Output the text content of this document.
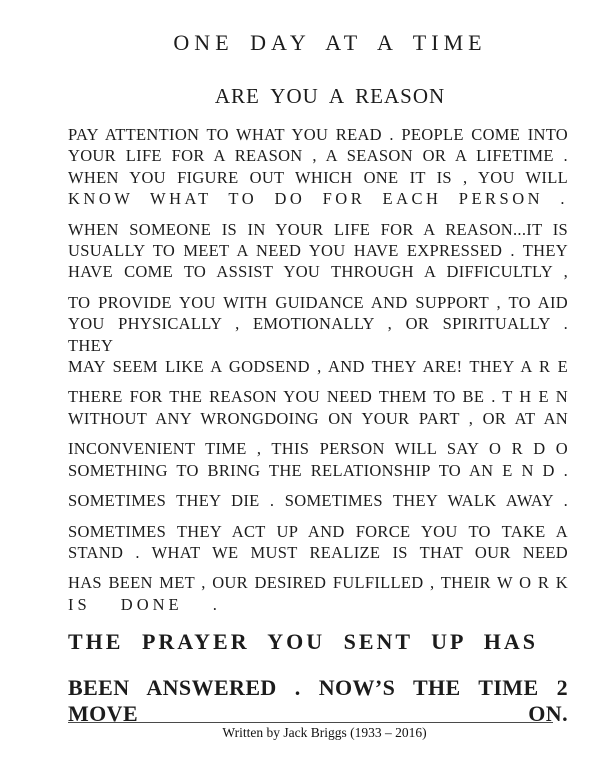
ONE DAY AT A TIME
ARE YOU A REASON
PAY ATTENTION TO WHAT YOU READ . PEOPLE COME INTO
YOUR LIFE FOR A REASON , A SEASON OR A LIFETIME .
WHEN YOU FIGURE OUT WHICH ONE IT IS , YOU WILL
KNOW WHAT TO DO FOR EACH PERSON .
WHEN SOMEONE IS IN YOUR LIFE FOR A REASON...IT IS
USUALLY TO MEET A NEED YOU HAVE EXPRESSED . THEY
HAVE COME TO ASSIST YOU THROUGH A DIFFICULTLY ,
TO PROVIDE YOU WITH GUIDANCE AND SUPPORT , TO AID
YOU PHYSICALLY , EMOTIONALLY , OR SPIRITUALLY . THEY
MAY SEEM LIKE A GODSEND , AND THEY ARE! THEY A R E
THERE FOR THE REASON YOU NEED THEM TO BE . T H E N
WITHOUT ANY WRONGDOING ON YOUR PART , OR AT AN
INCONVENIENT TIME , THIS PERSON WILL SAY O R D O
SOMETHING TO BRING THE RELATIONSHIP TO AN E N D .
SOMETIMES THEY DIE . SOMETIMES THEY WALK AWAY .
SOMETIMES THEY ACT UP AND FORCE YOU TO TAKE A
STAND . WHAT WE MUST REALIZE IS THAT OUR NEED
HAS BEEN MET , OUR DESIRED FULFILLED , THEIR W O R K
IS DONE .
THE PRAYER YOU SENT UP HAS
BEEN ANSWERED . NOW’S THE TIME 2 MOVE ON.
Written by Jack Briggs (1933 – 2016)
